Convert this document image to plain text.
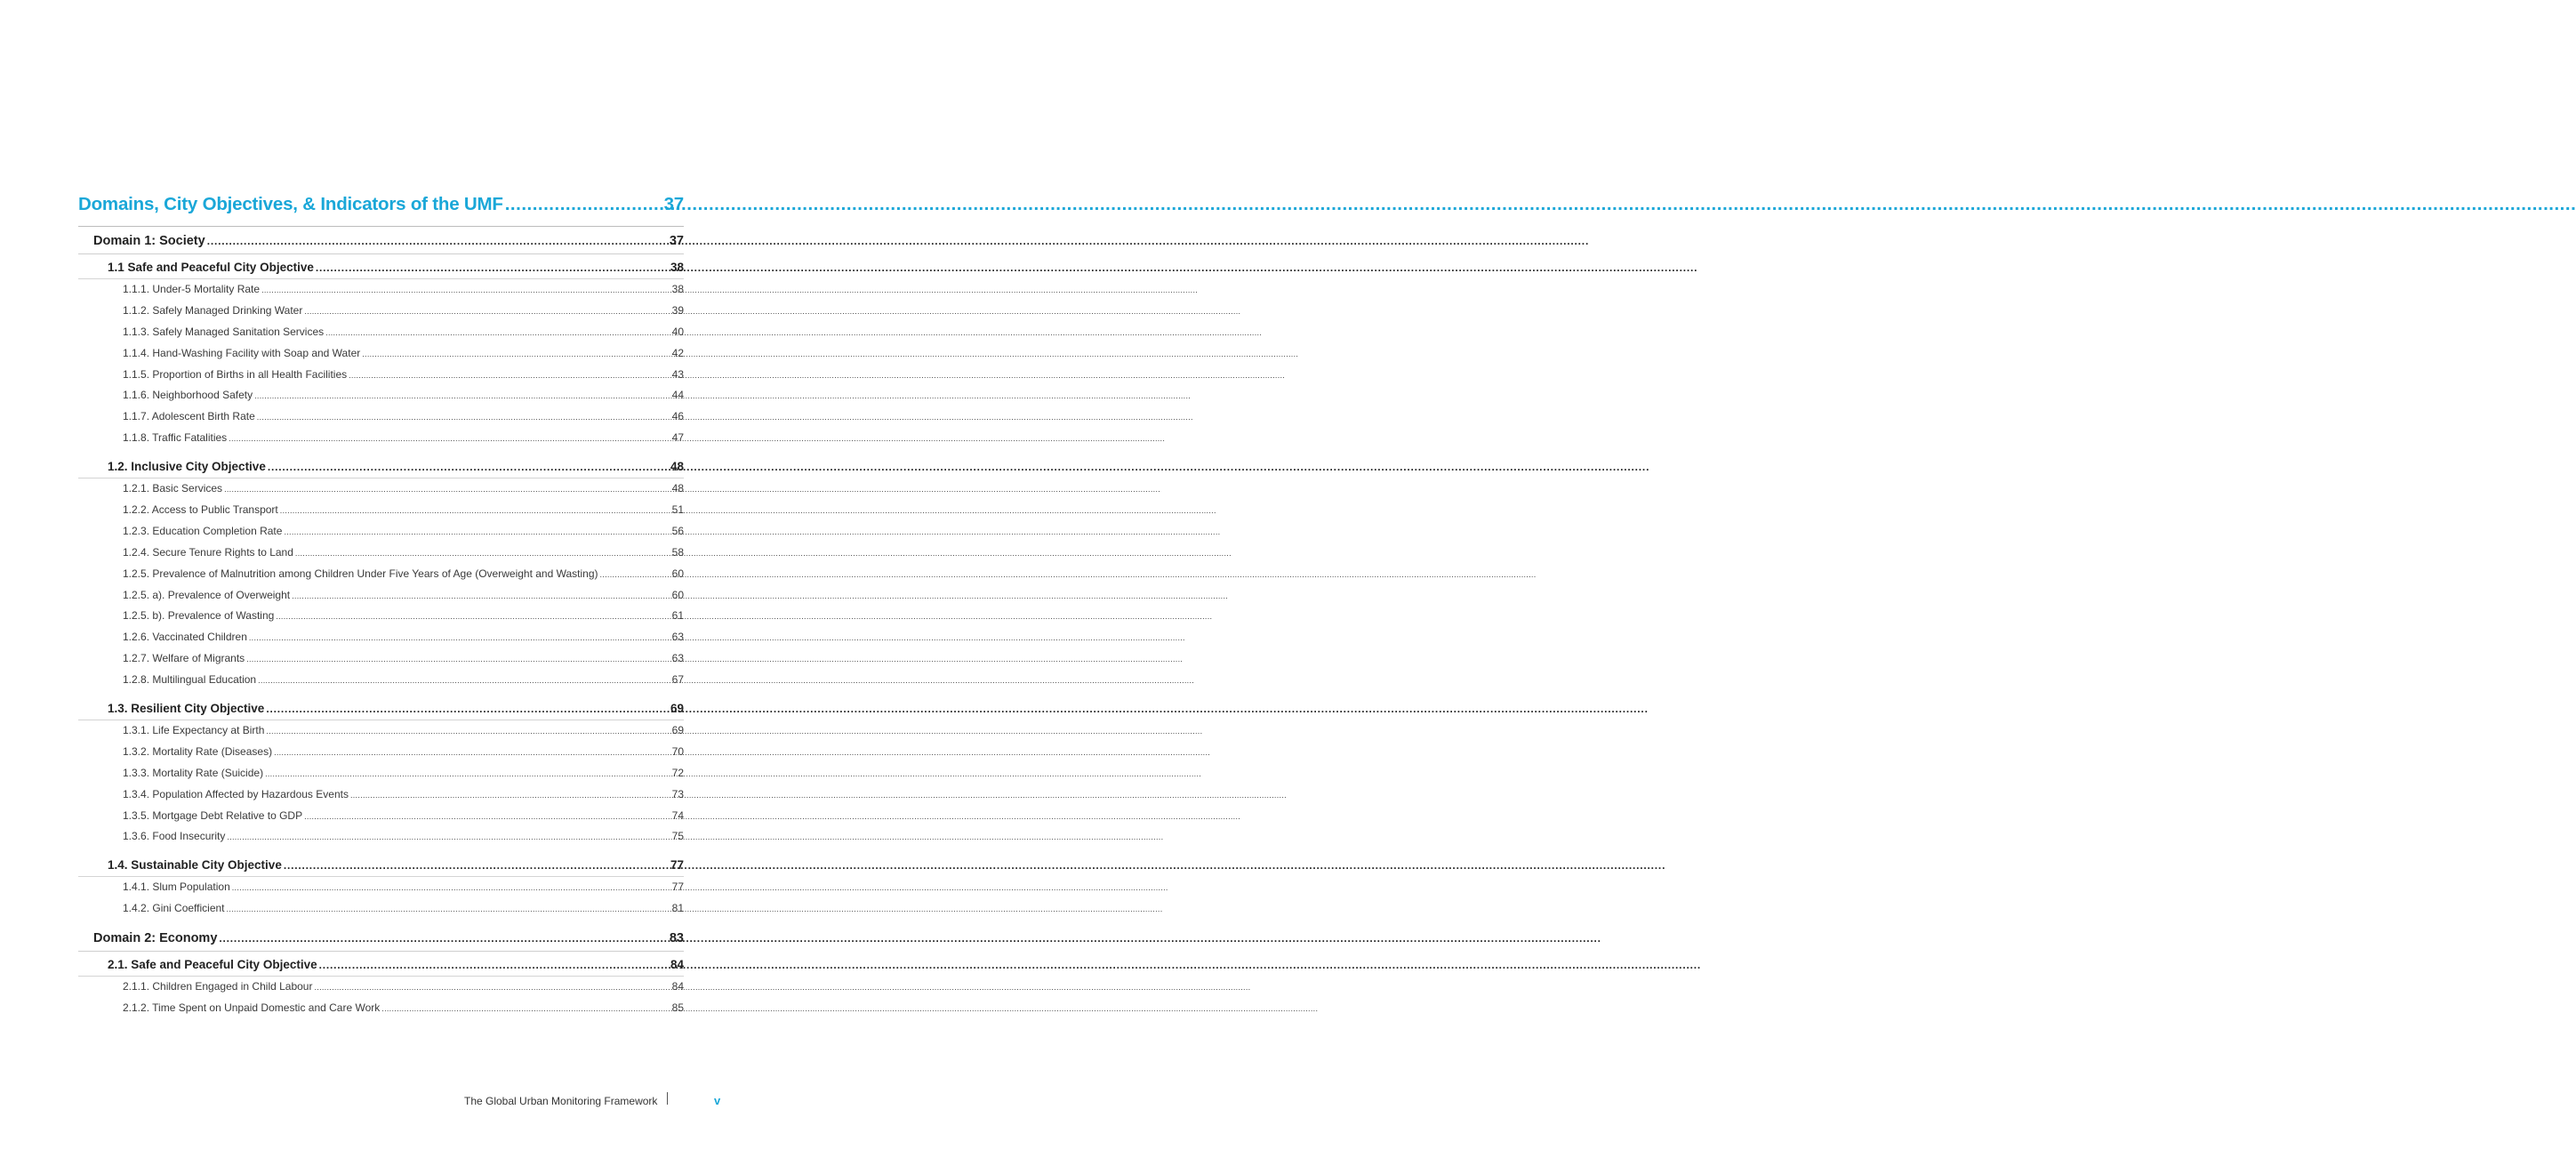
Domains, City Objectives, & Indicators of the UMF .....	37
Domain 1: Society .....	37
1.1 Safe and Peaceful City Objective .....	38
1.1.1. Under-5 Mortality Rate .....	38
1.1.2. Safely Managed Drinking Water .....	39
1.1.3. Safely Managed Sanitation Services .....	40
1.1.4. Hand-Washing Facility with Soap and Water .....	42
1.1.5. Proportion of Births in all Health Facilities .....	43
1.1.6. Neighborhood Safety .....	44
1.1.7. Adolescent Birth Rate .....	46
1.1.8. Traffic Fatalities .....	47
1.2. Inclusive City Objective .....	48
1.2.1. Basic Services .....	48
1.2.2. Access to Public Transport .....	51
1.2.3. Education Completion Rate .....	56
1.2.4. Secure Tenure Rights to Land .....	58
1.2.5. Prevalence of Malnutrition among Children Under Five Years of Age (Overweight and Wasting) .....	60
1.2.5. a). Prevalence of Overweight .....	60
1.2.5. b). Prevalence of Wasting .....	61
1.2.6. Vaccinated Children .....	63
1.2.7. Welfare of Migrants .....	63
1.2.8. Multilingual Education .....	67
1.3. Resilient City Objective .....	69
1.3.1. Life Expectancy at Birth .....	69
1.3.2. Mortality Rate (Diseases) .....	70
1.3.3. Mortality Rate (Suicide) .....	72
1.3.4. Population Affected by Hazardous Events .....	73
1.3.5. Mortgage Debt Relative to GDP .....	74
1.3.6. Food Insecurity .....	75
1.4. Sustainable City Objective .....	77
1.4.1. Slum Population .....	77
1.4.2. Gini Coefficient .....	81
Domain 2: Economy .....	83
2.1. Safe and Peaceful City Objective .....	84
2.1.1. Children Engaged in Child Labour .....	84
2.1.2. Time Spent on Unpaid Domestic and Care Work .....	85
The Global Urban Monitoring Framework	v
